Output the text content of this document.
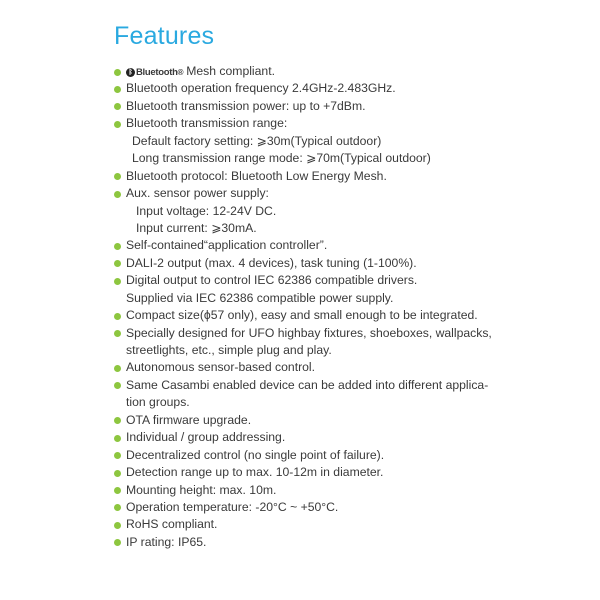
Features
ᛒ Bluetooth ® Mesh compliant.
Bluetooth operation frequency 2.4GHz-2.483GHz.
Bluetooth transmission power: up to +7dBm.
Bluetooth transmission range:
Default factory setting: ⩾30m(Typical outdoor)
Long transmission range mode: ⩾70m(Typical outdoor)
Bluetooth protocol: Bluetooth Low Energy Mesh.
Aux. sensor power supply:
Input voltage: 12-24V DC.
Input current: ⩾30mA.
Self-contained“application controller”.
DALI-2 output (max. 4 devices), task tuning (1-100%).
Digital output to control IEC 62386 compatible drivers.
Supplied via IEC 62386 compatible power supply.
Compact size(ϕ57 only), easy and small enough to be integrated.
Specially designed for UFO highbay fixtures, shoeboxes, wallpacks,
streetlights, etc., simple plug and play.
Autonomous sensor-based control.
Same Casambi enabled device can be added into different applica-
tion groups.
OTA firmware upgrade.
Individual / group addressing.
Decentralized control (no single point of failure).
Detection range up to max. 10-12m in diameter.
Mounting height: max. 10m.
Operation temperature: -20°C ~ +50°C.
RoHS compliant.
IP rating: IP65.
